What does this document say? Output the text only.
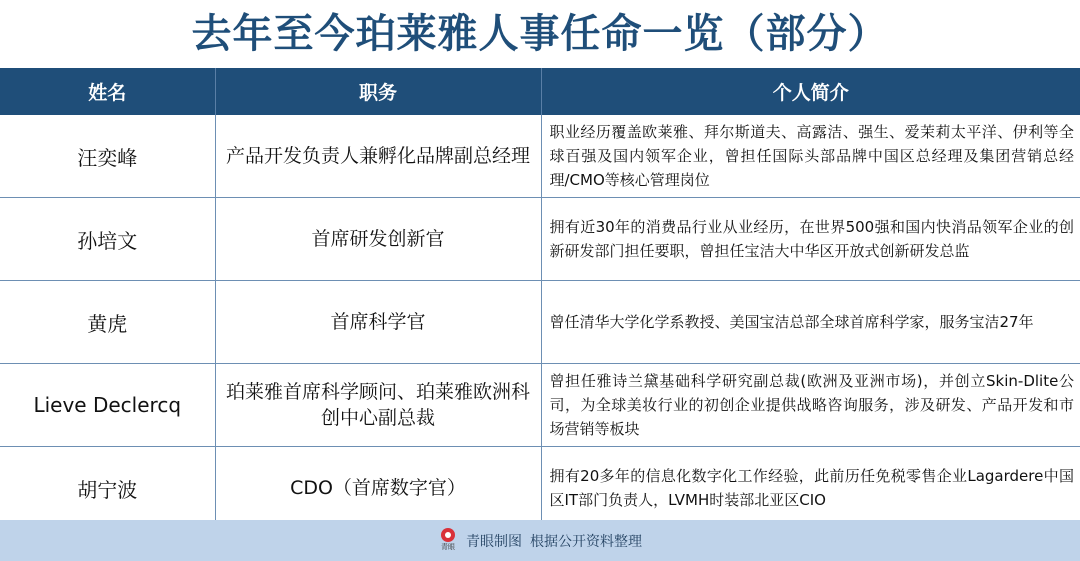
去年至今珀莱雅人事任命一览（部分）
姓名	职务	个人简介
汪奕峰	产品开发负责人兼孵化品牌副总经理	职业经历覆盖欧莱雅、拜尔斯道夫、高露洁、强生、爱茉莉太平洋、伊利等全球百强及国内领军企业，曾担任国际头部品牌中国区总经理及集团营销总经理/CMO等核心管理岗位
孙培文	首席研发创新官	拥有近30年的消费品行业从业经历，在世界500强和国内快消品领军企业的创新研发部门担任要职，曾担任宝洁大中华区开放式创新研发总监
黄虎	首席科学官	曾任清华大学化学系教授、美国宝洁总部全球首席科学家，服务宝洁27年
Lieve Declercq	珀莱雅首席科学顾问、珀莱雅欧洲科创中心副总裁	曾担任雅诗兰黛基础科学研究副总裁(欧洲及亚洲市场)，并创立Skin-Dlite公司，为全球美妆行业的初创企业提供战略咨询服务，涉及研发、产品开发和市场营销等板块
胡宁波	CDO（首席数字官）	拥有20多年的信息化数字化工作经验，此前历任免税零售企业Lagardere中国区IT部门负责人，LVMH时装部北亚区CIO
青眼 青眼制图 根据公开资料整理
